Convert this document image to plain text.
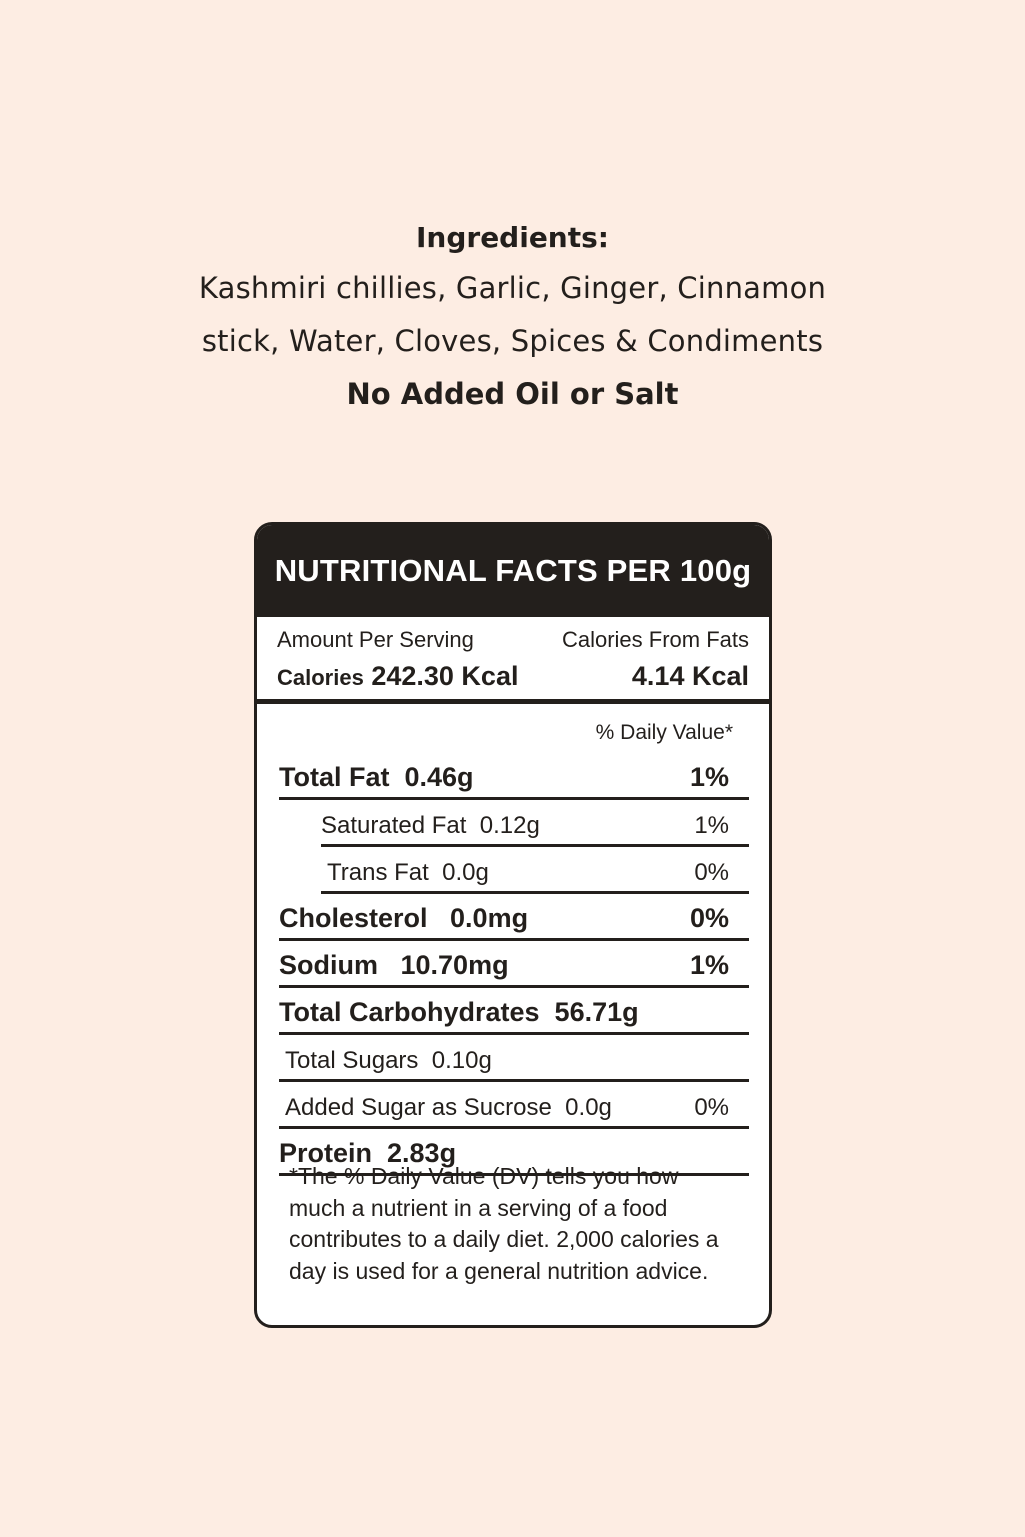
Ingredients:

Kashmiri chillies, Garlic, Ginger, Cinnamon

stick, Water, Cloves, Spices & Condiments

No Added Oil or Salt

NUTRITIONAL FACTS PER 100g
Amount Per Serving	Calories From Fats
Calories 242.30 Kcal	4.14 Kcal
% Daily Value*
Total Fat  0.46g	1%
Saturated Fat  0.12g	1%
Trans Fat  0.0g	0%
Cholesterol   0.0mg	0%
Sodium   10.70mg	1%
Total Carbohydrates  56.71g
Total Sugars  0.10g
Added Sugar as Sucrose  0.0g	0%
Protein  2.83g
*The % Daily Value (DV) tells you how much a nutrient in a serving of a food contributes to a daily diet. 2,000 calories a day is used for a general nutrition advice.
